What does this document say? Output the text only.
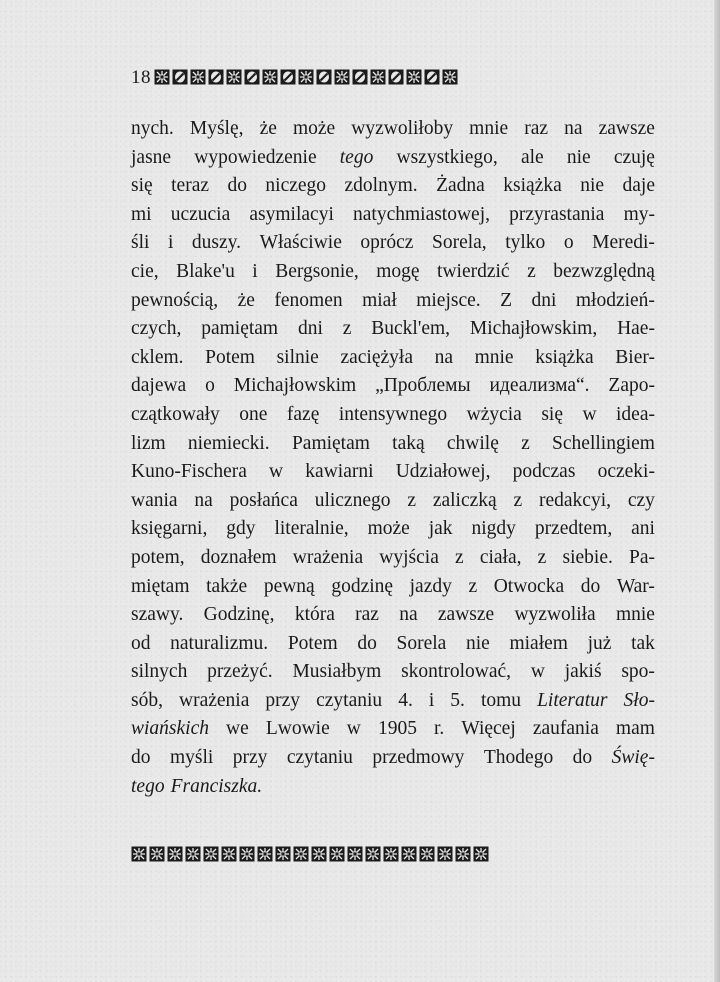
18
nych. Myślę, że może wyzwoliłoby mnie raz na zawsze
jasne wypowiedzenie tego wszystkiego, ale nie czuję
się teraz do niczego zdolnym. Żadna książka nie daje
mi uczucia asymilacyi natychmiastowej, przyrastania my-
śli i duszy. Właściwie oprócz Sorela, tylko o Meredi-
cie, Blake'u i Bergsonie, mogę twierdzić z bezwzględną
pewnością, że fenomen miał miejsce. Z dni młodzień-
czych, pamiętam dni z Buckl'em, Michajłowskim, Hae-
cklem. Potem silnie zaciężyła na mnie książka Bier-
dajewa o Michajłowskim „Проблемы идеализма“. Zapo-
czątkowały one fazę intensywnego wżycia się w idea-
lizm niemiecki. Pamiętam taką chwilę z Schellingiem
Kuno-Fischera w kawiarni Udziałowej, podczas oczeki-
wania na posłańca ulicznego z zaliczką z redakcyi, czy
księgarni, gdy literalnie, może jak nigdy przedtem, ani
potem, doznałem wrażenia wyjścia z ciała, z siebie. Pa-
miętam także pewną godzinę jazdy z Otwocka do War-
szawy. Godzinę, która raz na zawsze wyzwoliła mnie
od naturalizmu. Potem do Sorela nie miałem już tak
silnych przeżyć. Musiałbym skontrolować, w jakiś spo-
sób, wrażenia przy czytaniu 4. i 5. tomu Literatur Sło-
wiańskich we Lwowie w 1905 r. Więcej zaufania mam
do myśli przy czytaniu przedmowy Thodego do Świę-
tego Franciszka.
